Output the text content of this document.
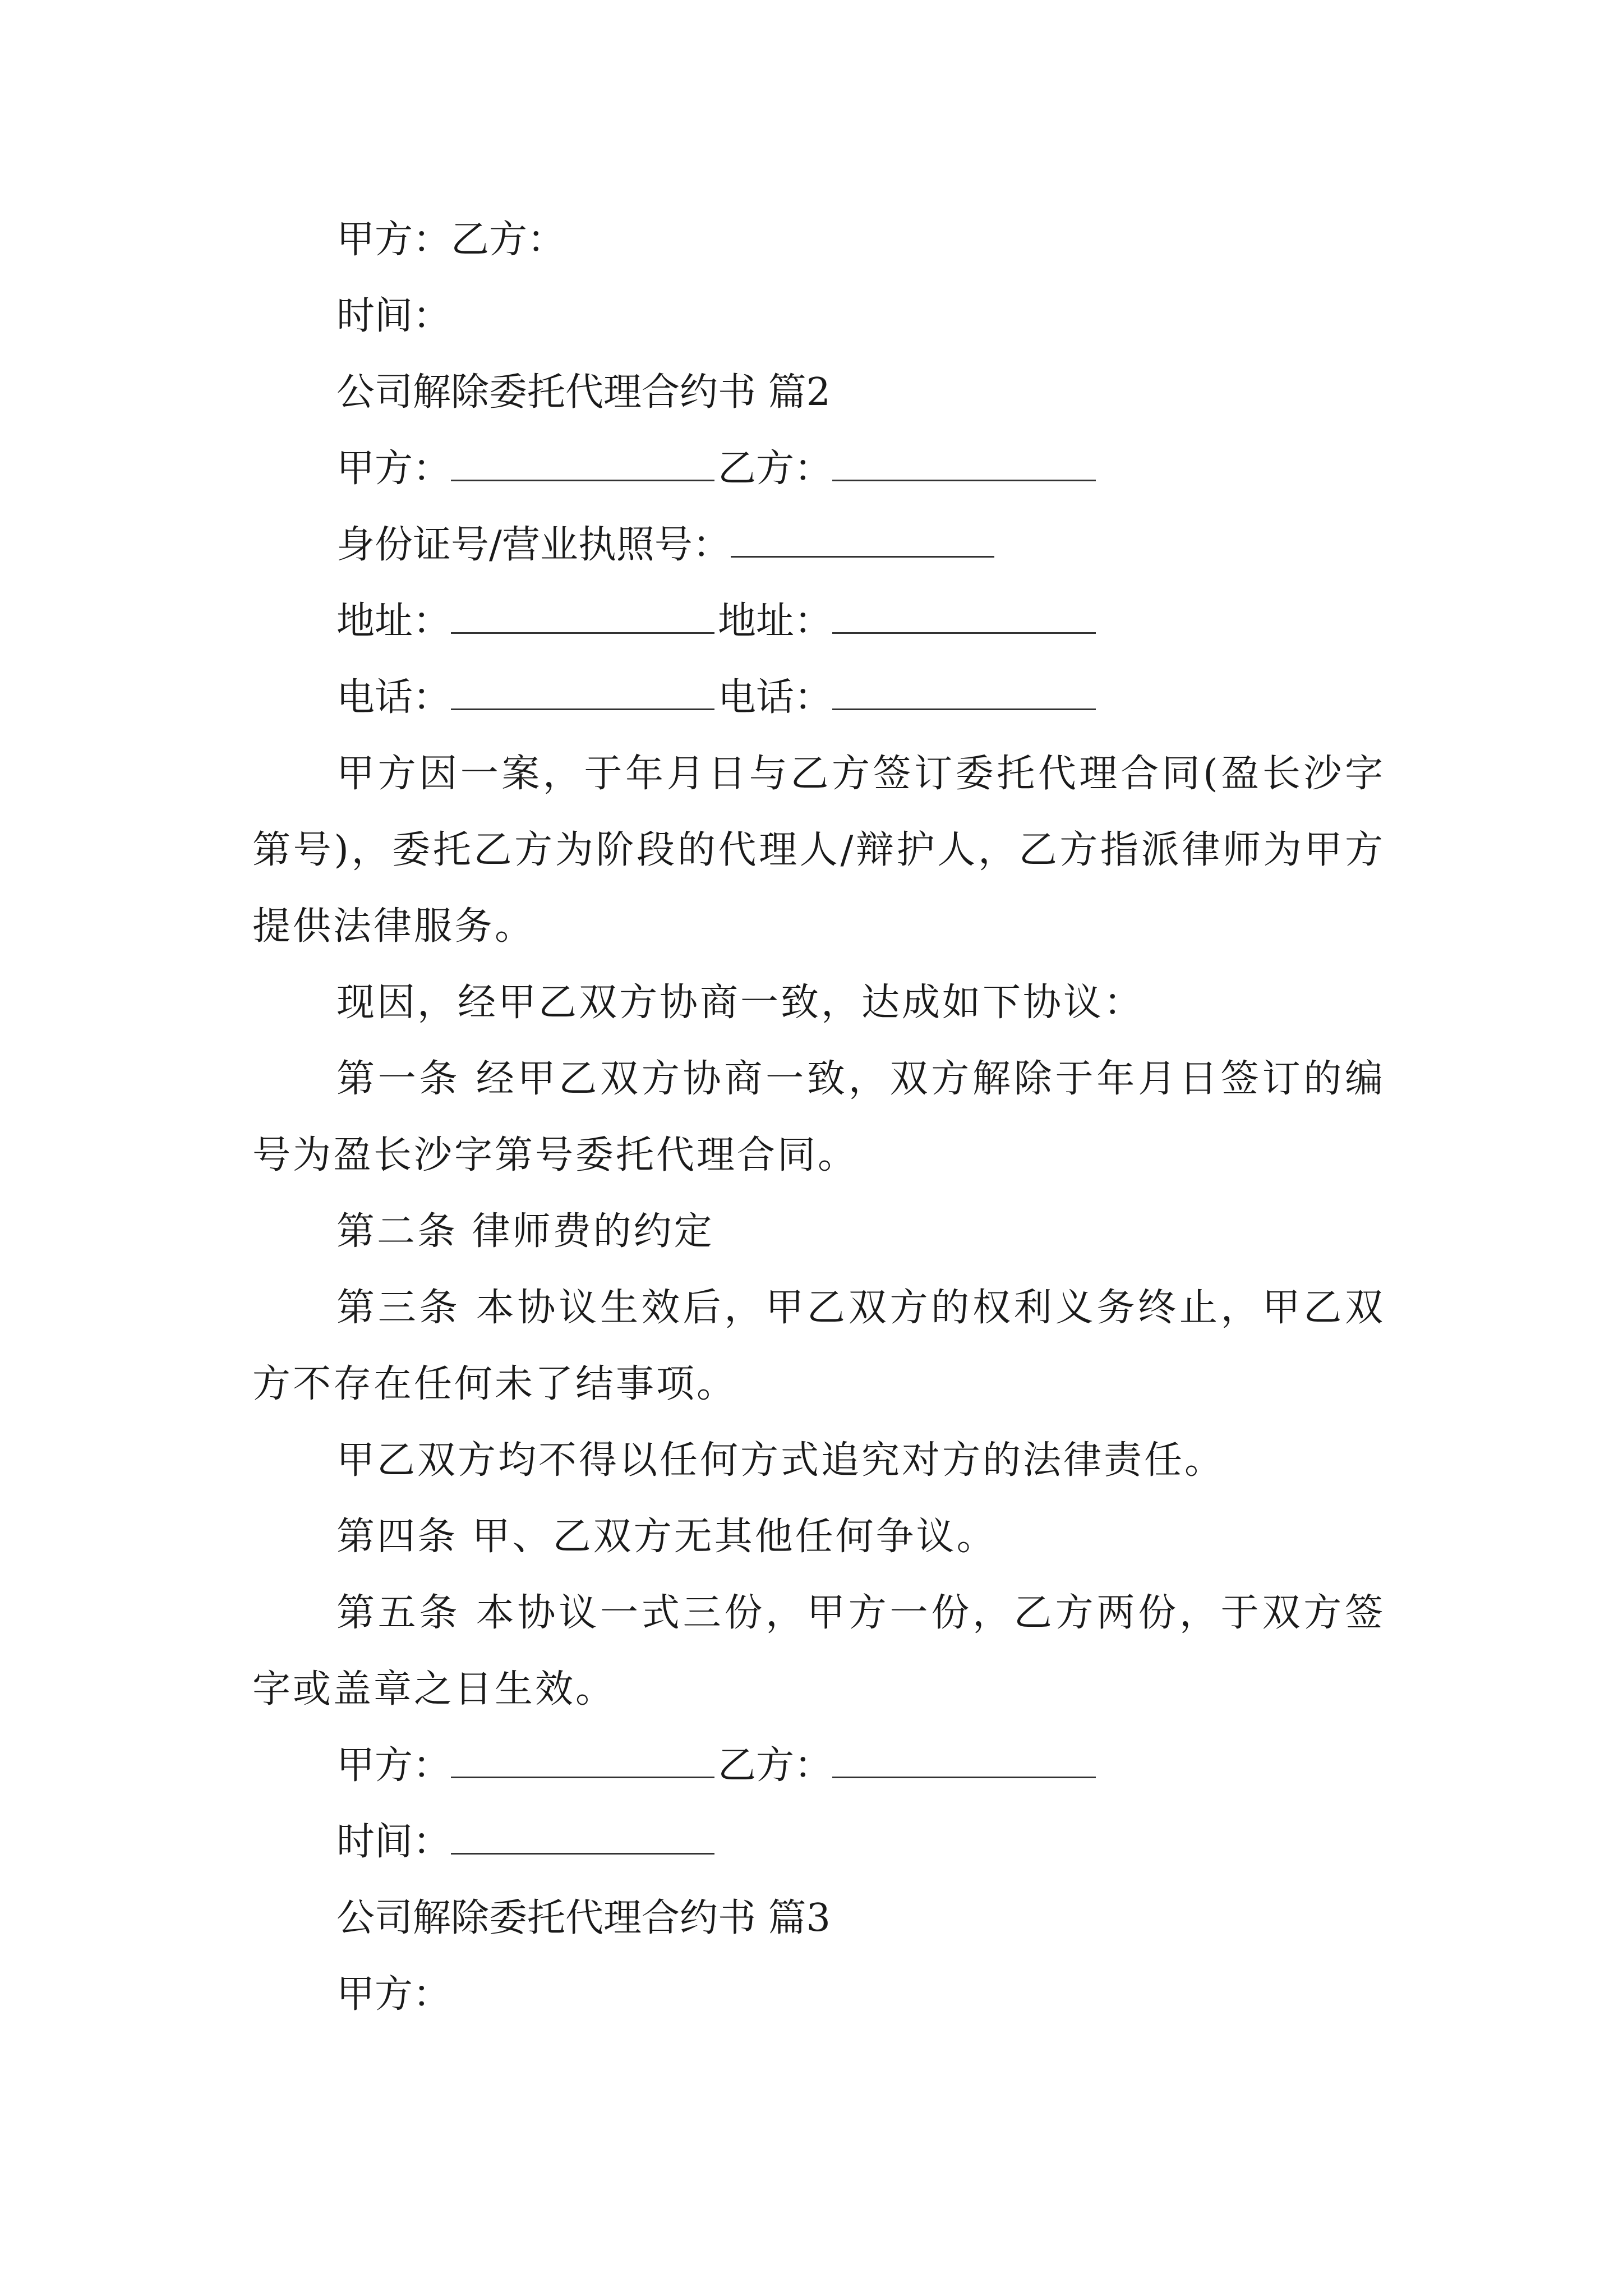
甲方：乙方：

时间：

公司解除委托代理合约书 篇2

甲方：	乙方：

身份证号/营业执照号：

地址：	地址：

电话：	电话：

甲方因一案，于年月日与乙方签订委托代理合同(盈长沙字第号)，委托乙方为阶段的代理人/辩护人，乙方指派律师为甲方提供法律服务。

现因，经甲乙双方协商一致，达成如下协议：

第一条 经甲乙双方协商一致，双方解除于年月日签订的编号为盈长沙字第号委托代理合同。

第二条 律师费的约定

第三条 本协议生效后，甲乙双方的权利义务终止，甲乙双方不存在任何未了结事项。

甲乙双方均不得以任何方式追究对方的法律责任。

第四条 甲、乙双方无其他任何争议。

第五条 本协议一式三份，甲方一份，乙方两份，于双方签字或盖章之日生效。

甲方：	乙方：

时间：

公司解除委托代理合约书 篇3

甲方：
